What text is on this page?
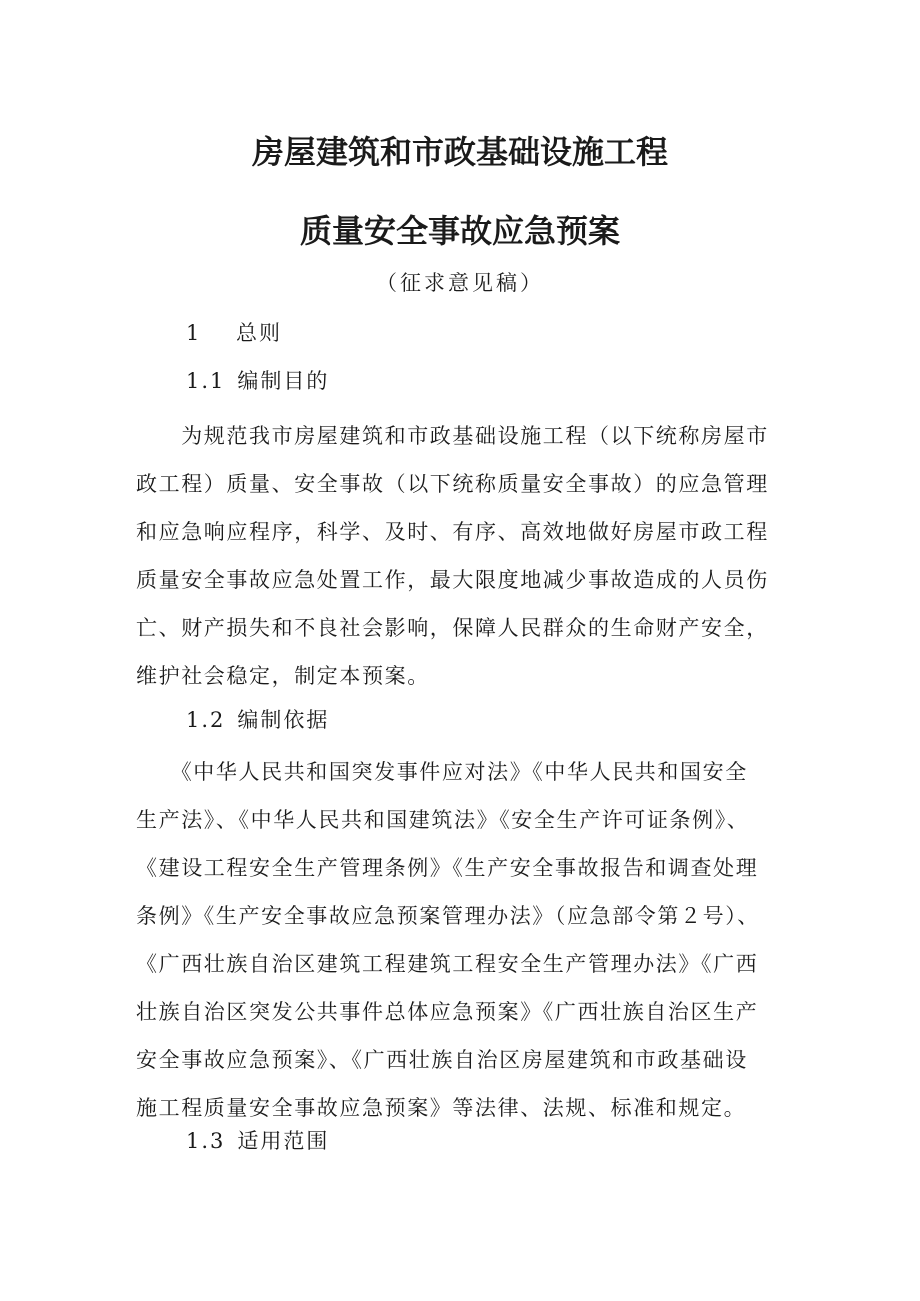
房屋建筑和市政基础设施工程
质量安全事故应急预案
（征求意见稿）
1 总则
1.1 编制目的
　　为规范我市房屋建筑和市政基础设施工程（以下统称房屋市
政工程）质量、安全事故（以下统称质量安全事故）的应急管理
和应急响应程序，科学、及时、有序、高效地做好房屋市政工程
质量安全事故应急处置工作，最大限度地减少事故造成的人员伤
亡、财产损失和不良社会影响，保障人民群众的生命财产安全，
维护社会稳定，制定本预案。
1.2 编制依据
　　《中华人民共和国突发事件应对法》《中华人民共和国安全
生产法》、《中华人民共和国建筑法》《安全生产许可证条例》、
《建设工程安全生产管理条例》《生产安全事故报告和调查处理
条例》《生产安全事故应急预案管理办法》（应急部令第２号）、
《广西壮族自治区建筑工程建筑工程安全生产管理办法》《广西
壮族自治区突发公共事件总体应急预案》《广西壮族自治区生产
安全事故应急预案》、《广西壮族自治区房屋建筑和市政基础设
施工程质量安全事故应急预案》等法律、法规、标准和规定。
1.3 适用范围
